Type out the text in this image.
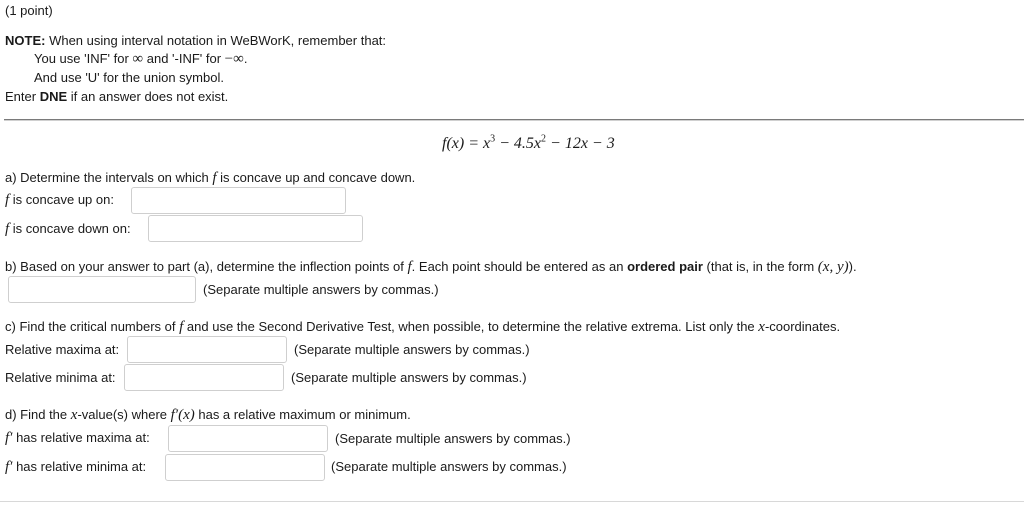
(1 point)
NOTE: When using interval notation in WeBWorK, remember that:
You use 'INF' for ∞ and '-INF' for −∞.
And use 'U' for the union symbol.
Enter DNE if an answer does not exist.
$f(x) = x^3 - 4.5x^2 - 12x - 3$
a) Determine the intervals on which f is concave up and concave down.
f is concave up on:
f is concave down on:
b) Based on your answer to part (a), determine the inflection points of f. Each point should be entered as an ordered pair (that is, in the form (x, y)).
(Separate multiple answers by commas.)
c) Find the critical numbers of f and use the Second Derivative Test, when possible, to determine the relative extrema. List only the x-coordinates.
Relative maxima at:	(Separate multiple answers by commas.)
Relative minima at:	(Separate multiple answers by commas.)
d) Find the x-value(s) where f′(x) has a relative maximum or minimum.
f′ has relative maxima at:	(Separate multiple answers by commas.)
f′ has relative minima at:	(Separate multiple answers by commas.)
